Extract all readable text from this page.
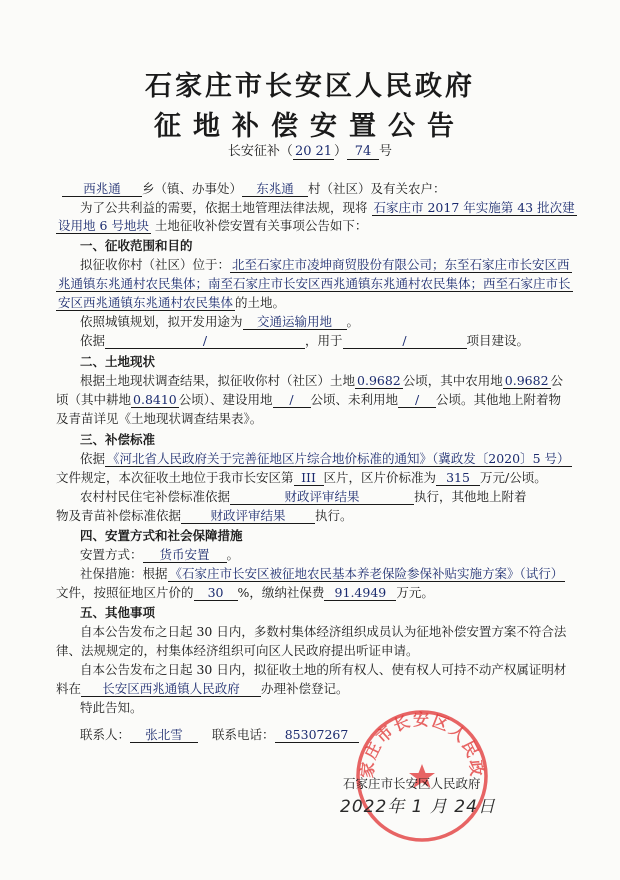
石家庄市长安区人民政府
征地补偿安置公告
长安征补（ 20 21 ） 74 号
西兆通 乡（镇、办事处） 东兆通 村（社区）及有关农户：
为了公共利益的需要，依据土地管理法律法规，现将 石家庄市 2017 年实施第 43 批次建
设用地 6 号地块 土地征收补偿安置有关事项公告如下：
一、征收范围和目的
拟征收你村（社区）位于： 北至石家庄市凌坤商贸股份有限公司；东至石家庄市长安区西
兆通镇东兆通村农民集体；南至石家庄市长安区西兆通镇东兆通村农民集体；西至石家庄市长
安区西兆通镇东兆通村农民集体 的土地。
依照城镇规划，拟开发用途为 交通运输用地 。
依据	/	，用于	/	项目建设。
二、土地现状
根据土地现状调查结果，拟征收你村（社区）土地 0.9682 公顷，其中农用地 0.9682 公
顷（其中耕地 0.8410 公顷）、建设用地 / 公顷、未利用地 / 公顷。其他地上附着物
及青苗详见《土地现状调查结果表》。
三、补偿标准
依据 《河北省人民政府关于完善征地区片综合地价标准的通知》（冀政发〔2020〕5 号）
文件规定，本次征收土地位于我市长安区第 III 区片，区片价标准为 315 万元/公顷。
农村村民住宅补偿标准依据	财政评审结果	执行，其他地上附着
物及青苗补偿标准依据 财政评审结果 执行。
四、安置方式和社会保障措施
安置方式： 货币安置 。
社保措施：根据 《石家庄市长安区被征地农民基本养老保险参保补贴实施方案》（试行）
文件，按照征地区片价的 30 %，缴纳社保费 91.4949 万元。
五、其他事项
自本公告发布之日起 30 日内，多数村集体经济组织成员认为征地补偿安置方案不符合法
律、法规规定的，村集体经济组织可向区人民政府提出听证申请。
自本公告发布之日起 30 日内，拟征收土地的所有权人、使有权人可持不动产权属证明材
料在 长安区西兆通镇人民政府 办理补偿登记。
特此告知。
联系人： 张北雪 联系电话： 85307267
家庄市长安区人民政
石家庄市长安区人民政府
2022年 1 月 24日
